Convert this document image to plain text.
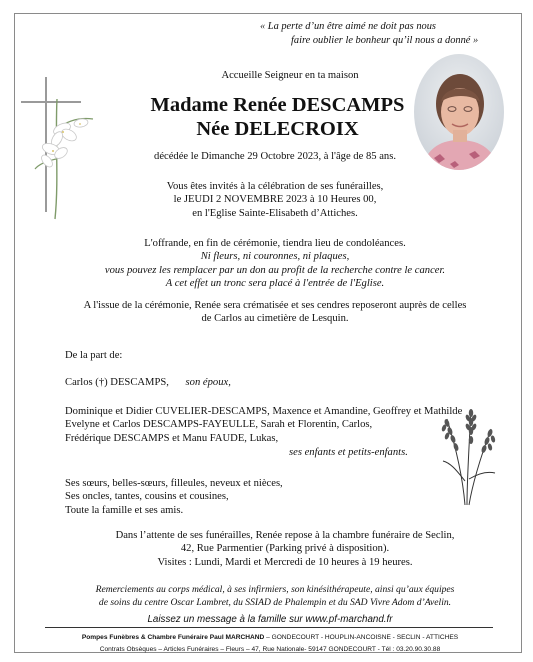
« La perte d’un être aimé ne doit pas nous
faire oublier le bonheur qu’il nous a donné »
Accueille Seigneur en ta maison
Madame Renée DESCAMPS
Née DELECROIX
décédée le Dimanche 29 Octobre 2023, à l'âge de 85 ans.
Vous êtes invités à la célébration de ses funérailles,
le JEUDI 2 NOVEMBRE 2023 à 10 Heures 00,
en l'Eglise Sainte-Elisabeth d’Attiches.
L'offrande, en fin de cérémonie, tiendra lieu de condoléances.
Ni fleurs, ni couronnes, ni plaques,
vous pouvez les remplacer par un don au profit de la recherche contre le cancer.
A cet effet un tronc sera placé à l'entrée de l'Eglise.
A l'issue de la cérémonie, Renée sera crématisée et ses cendres reposeront auprès de celles
de Carlos au cimetière de Lesquin.
De la part de:
Carlos (†) DESCAMPS, son époux,
Dominique et Didier CUVELIER-DESCAMPS, Maxence et Amandine, Geoffrey et Mathilde
Evelyne et Carlos DESCAMPS-FAYEULLE, Sarah et Florentin, Carlos,
Frédérique DESCAMPS et Manu FAUDE, Lukas,
ses enfants et petits-enfants.
Ses sœurs, belles-sœurs, filleules, neveux et nièces,
Ses oncles, tantes, cousins et cousines,
Toute la famille et ses amis.
Dans l’attente de ses funérailles, Renée repose à la chambre funéraire de Seclin,
42, Rue Parmentier (Parking privé à disposition).
Visites : Lundi, Mardi et Mercredi de 10 heures à 19 heures.
Remerciements au corps médical, à ses infirmiers, son kinésithérapeute, ainsi qu’aux équipes
de soins du centre Oscar Lambret, du SSIAD de Phalempin et du SAD Vivre Adom d’Avelin.
Laissez un message à la famille sur www.pf-marchand.fr
Pompes Funèbres & Chambre Funéraire Paul MARCHAND – GONDECOURT - HOUPLIN-ANCOISNE - SECLIN - ATTICHES
Contrats Obsèques – Articles Funéraires – Fleurs – 47, Rue Nationale- 59147 GONDECOURT - Tél : 03.20.90.30.88
